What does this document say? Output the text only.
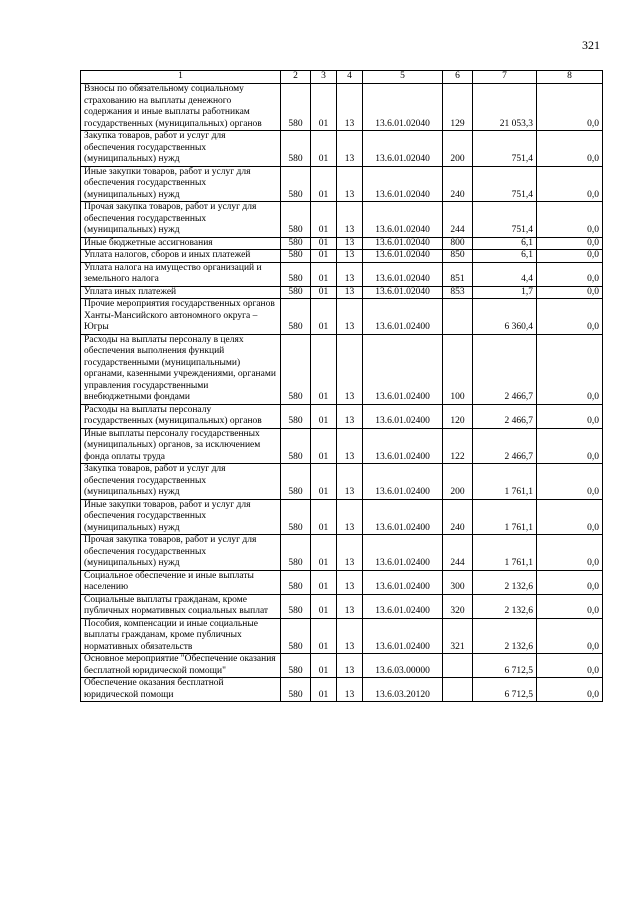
321
1	2	3	4	5	6	7	8
Взносы по обязательному социальному страхованию на выплаты денежного содержания и иные выплаты работникам государственных (муниципальных) органов	580	01	13	13.6.01.02040	129	21 053,3	0,0
Закупка товаров, работ и услуг для обеспечения государственных (муниципальных) нужд	580	01	13	13.6.01.02040	200	751,4	0,0
Иные закупки товаров, работ и услуг для обеспечения государственных (муниципальных) нужд	580	01	13	13.6.01.02040	240	751,4	0,0
Прочая закупка товаров, работ и услуг для обеспечения государственных (муниципальных) нужд	580	01	13	13.6.01.02040	244	751,4	0,0
Иные бюджетные ассигнования	580	01	13	13.6.01.02040	800	6,1	0,0
Уплата налогов, сборов и иных платежей	580	01	13	13.6.01.02040	850	6,1	0,0
Уплата налога на имущество организаций и земельного налога	580	01	13	13.6.01.02040	851	4,4	0,0
Уплата иных платежей	580	01	13	13.6.01.02040	853	1,7	0,0
Прочие мероприятия государственных органов Ханты-Мансийского автономного округа – Югры	580	01	13	13.6.01.02400		6 360,4	0,0
Расходы на выплаты персоналу в целях обеспечения выполнения функций государственными (муниципальными) органами, казенными учреждениями, органами управления государственными внебюджетными фондами	580	01	13	13.6.01.02400	100	2 466,7	0,0
Расходы на выплаты персоналу государственных (муниципальных) органов	580	01	13	13.6.01.02400	120	2 466,7	0,0
Иные выплаты персоналу государственных (муниципальных) органов, за исключением фонда оплаты труда	580	01	13	13.6.01.02400	122	2 466,7	0,0
Закупка товаров, работ и услуг для обеспечения государственных (муниципальных) нужд	580	01	13	13.6.01.02400	200	1 761,1	0,0
Иные закупки товаров, работ и услуг для обеспечения государственных (муниципальных) нужд	580	01	13	13.6.01.02400	240	1 761,1	0,0
Прочая закупка товаров, работ и услуг для обеспечения государственных (муниципальных) нужд	580	01	13	13.6.01.02400	244	1 761,1	0,0
Социальное обеспечение и иные выплаты населению	580	01	13	13.6.01.02400	300	2 132,6	0,0
Социальные выплаты гражданам, кроме публичных нормативных социальных выплат	580	01	13	13.6.01.02400	320	2 132,6	0,0
Пособия, компенсации и иные социальные выплаты гражданам, кроме публичных нормативных обязательств	580	01	13	13.6.01.02400	321	2 132,6	0,0
Основное мероприятие "Обеспечение оказания бесплатной юридической помощи"	580	01	13	13.6.03.00000		6 712,5	0,0
Обеспечение оказания бесплатной юридической помощи	580	01	13	13.6.03.20120		6 712,5	0,0
